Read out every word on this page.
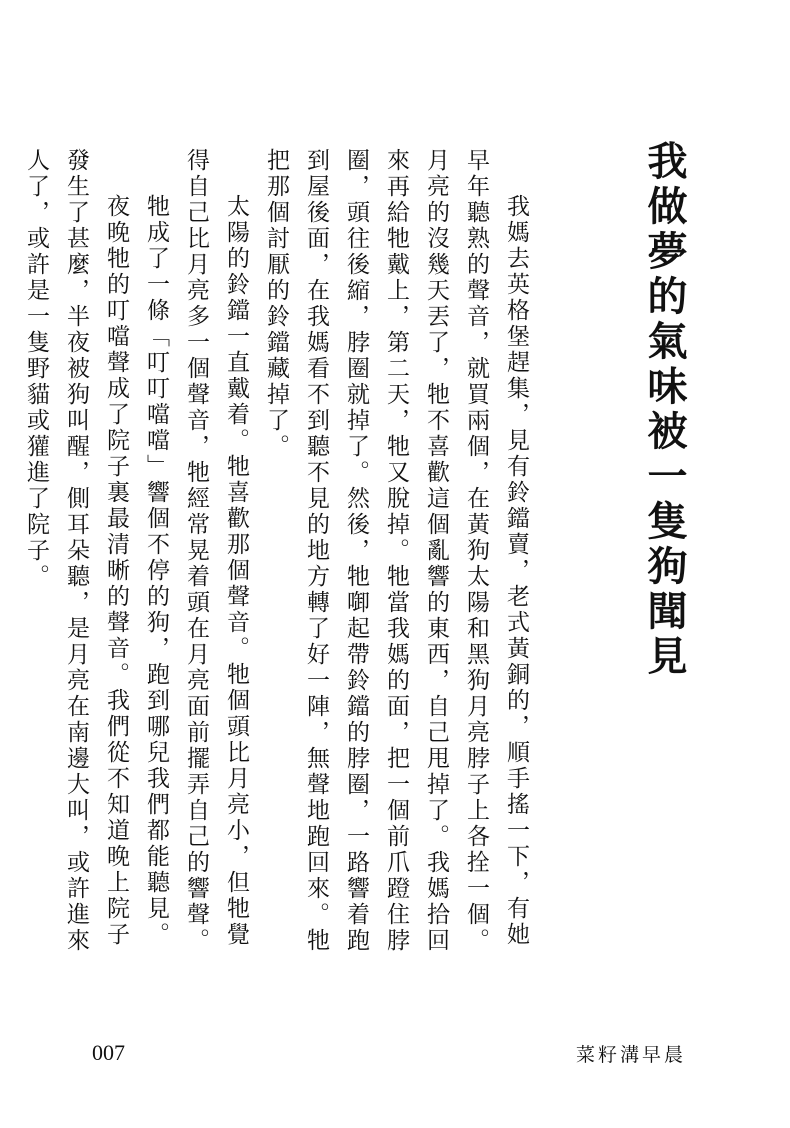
我做夢的氣味被一隻狗聞見

我媽去英格堡趕集，見有鈴鐺賣，老式黃銅的，順手搖一下，有她早年聽熟的聲音，就買兩個，在黃狗太陽和黑狗月亮脖子上各拴一個。月亮的沒幾天丟了，牠不喜歡這個亂響的東西，自己甩掉了。我媽拾回來再給牠戴上，第二天，牠又脫掉。牠當我媽的面，把一個前爪蹬住脖圈，頭往後縮，脖圈就掉了。然後，牠啣起帶鈴鐺的脖圈，一路響着跑到屋後面，在我媽看不到聽不見的地方轉了好一陣，無聲地跑回來。牠把那個討厭的鈴鐺藏掉了。

太陽的鈴鐺一直戴着。牠喜歡那個聲音。牠個頭比月亮小，但牠覺得自己比月亮多一個聲音，牠經常晃着頭在月亮面前擺弄自己的響聲。

牠成了一條「叮叮噹噹」響個不停的狗，跑到哪兒我們都能聽見。

夜晚牠的叮噹聲成了院子裏最清晰的聲音。我們從不知道晚上院子發生了甚麼，半夜被狗叫醒，側耳朵聽，是月亮在南邊大叫，或許進來人了，或許是一隻野貓或獾進了院子。

007	菜籽溝早晨
